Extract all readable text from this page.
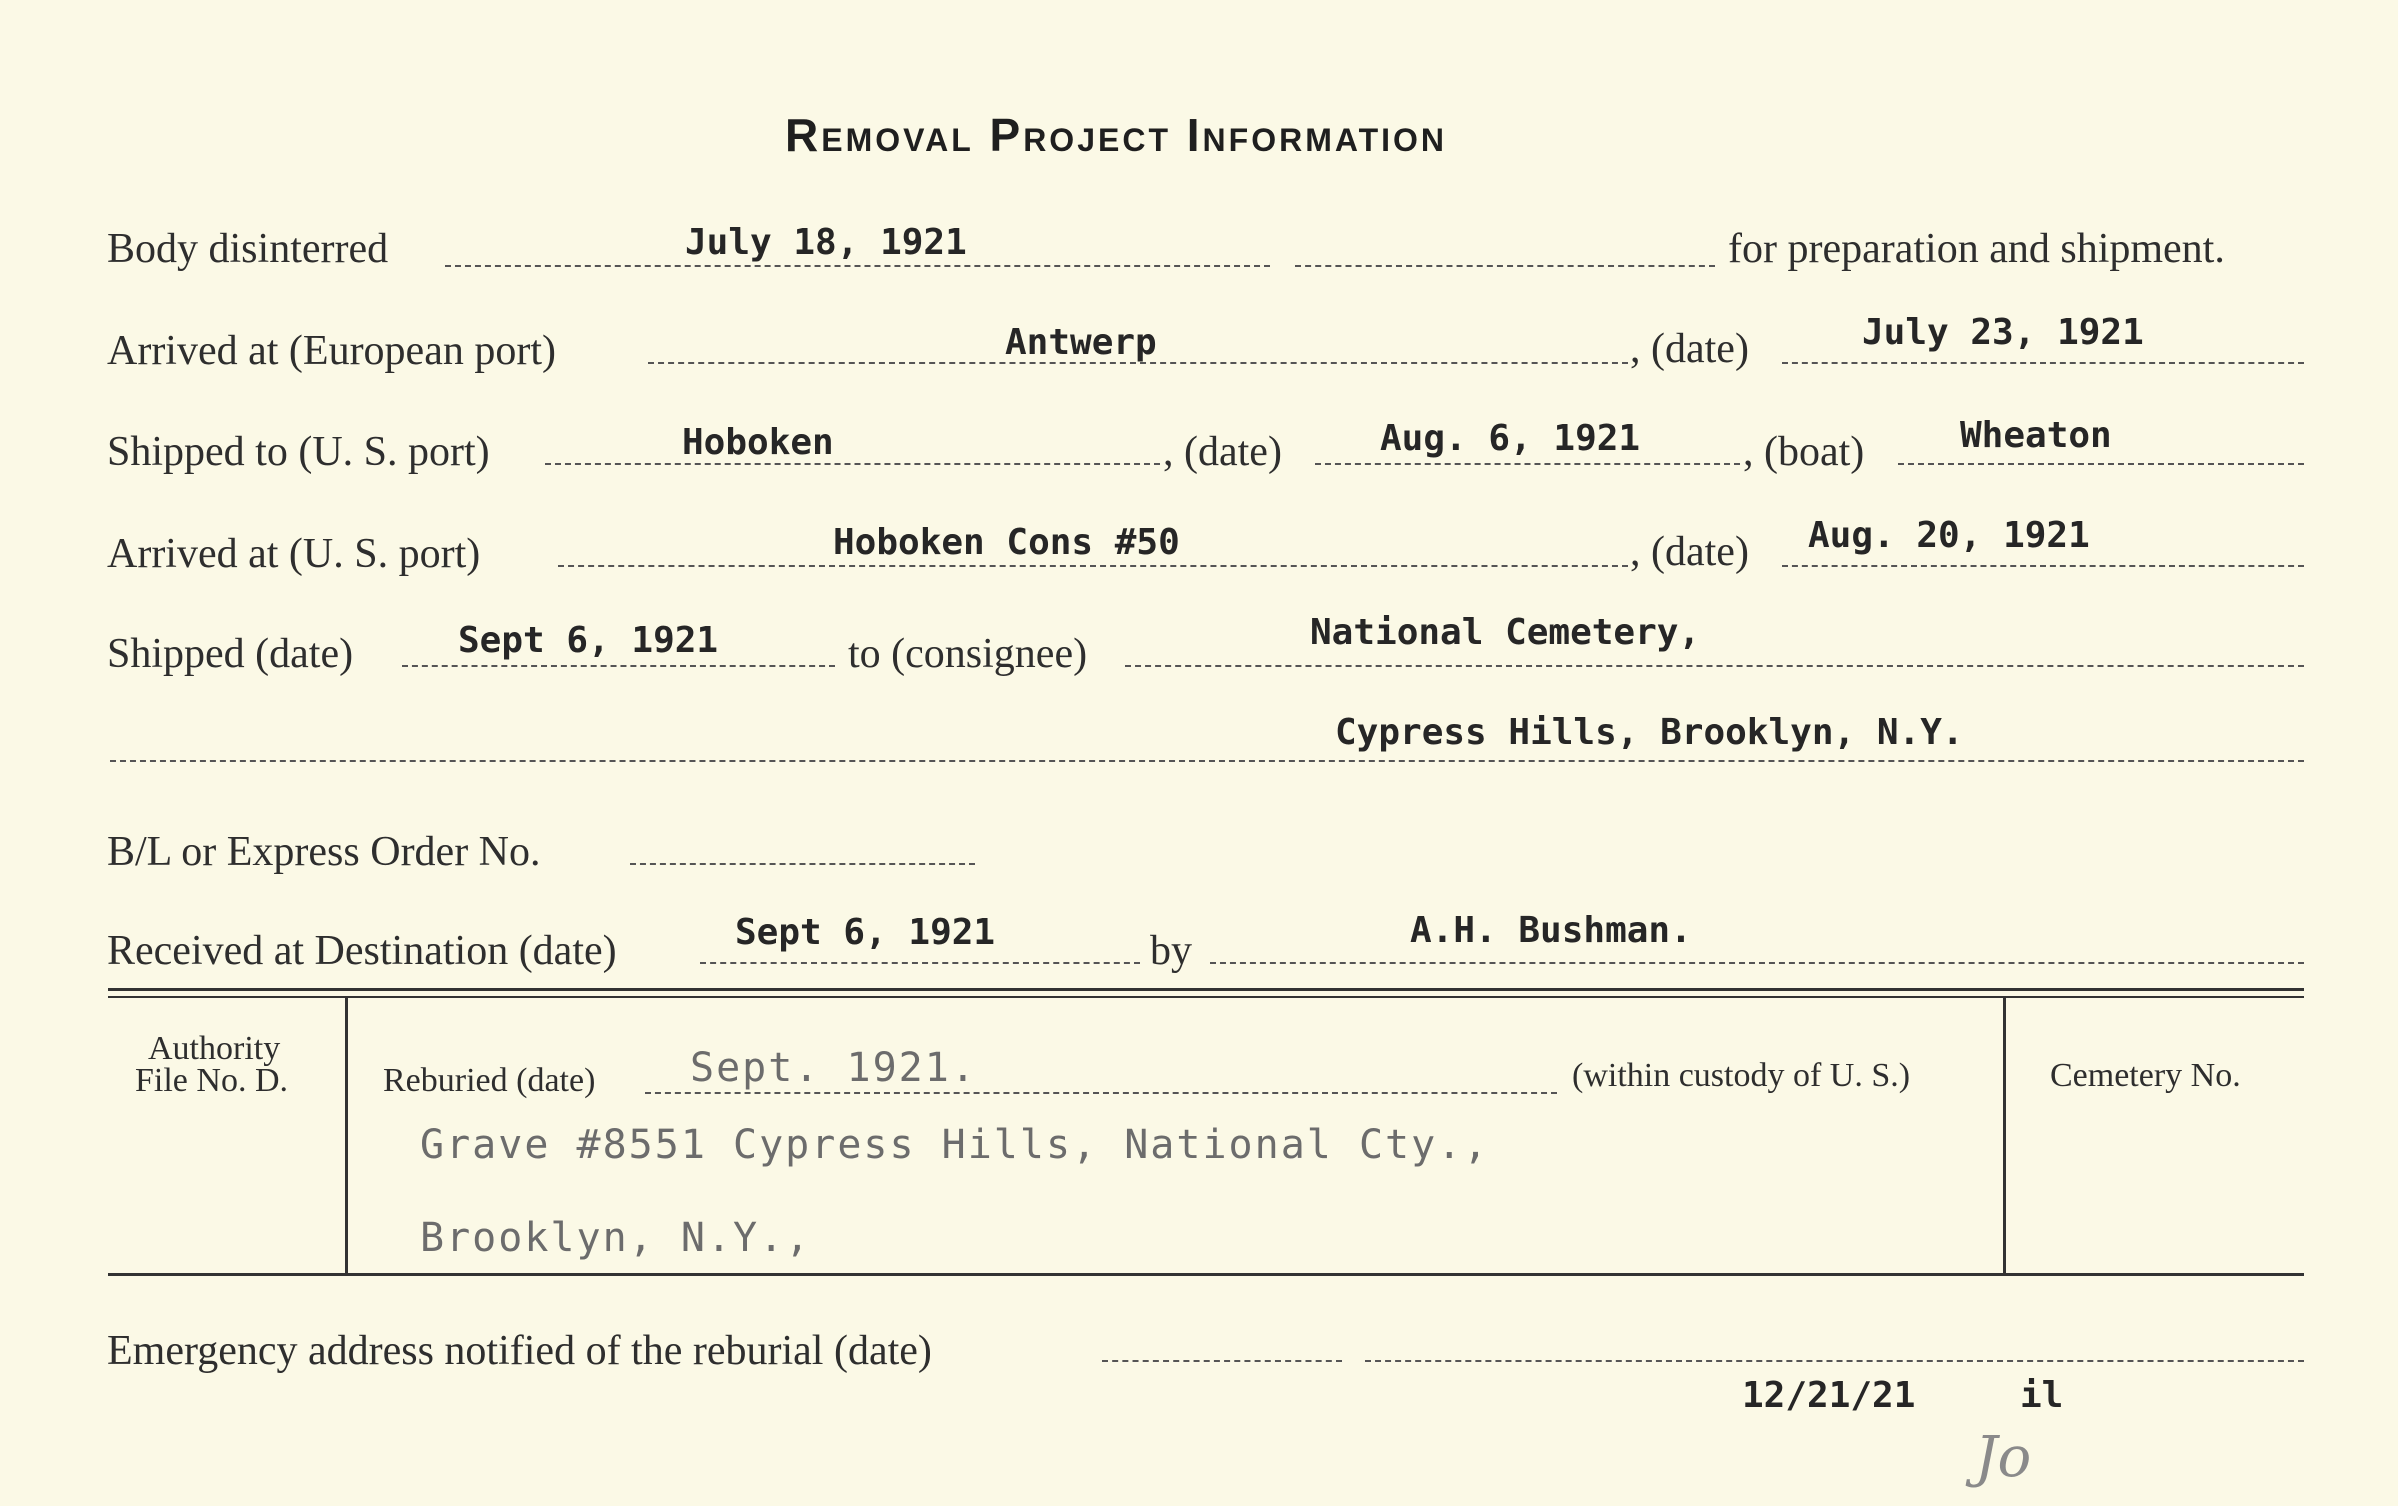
Removal Project Information
Body disinterred	July 18, 1921	for preparation and shipment.
Arrived at (European port)	Antwerp	, (date)	July 23, 1921
Shipped to (U. S. port)	Hoboken	, (date)	Aug. 6, 1921 , (boat)	Wheaton
Arrived at (U. S. port)	Hoboken Cons #50	, (date) Aug. 20, 1921
Shipped (date)	Sept 6, 1921	to (consignee)	National Cemetery,
Cypress Hills, Brooklyn, N.Y.
B/L or Express Order No.
Received at Destination (date)	Sept 6, 1921	by	A.H. Bushman.
Authority
File No. D.	Reburied (date) Sept. 1921.	(within custody of U. S.)	Cemetery No.
Grave #8551 Cypress Hills, National Cty.,
Brooklyn, N.Y.,
Emergency address notified of the reburial (date)
12/21/21	il
Jo
